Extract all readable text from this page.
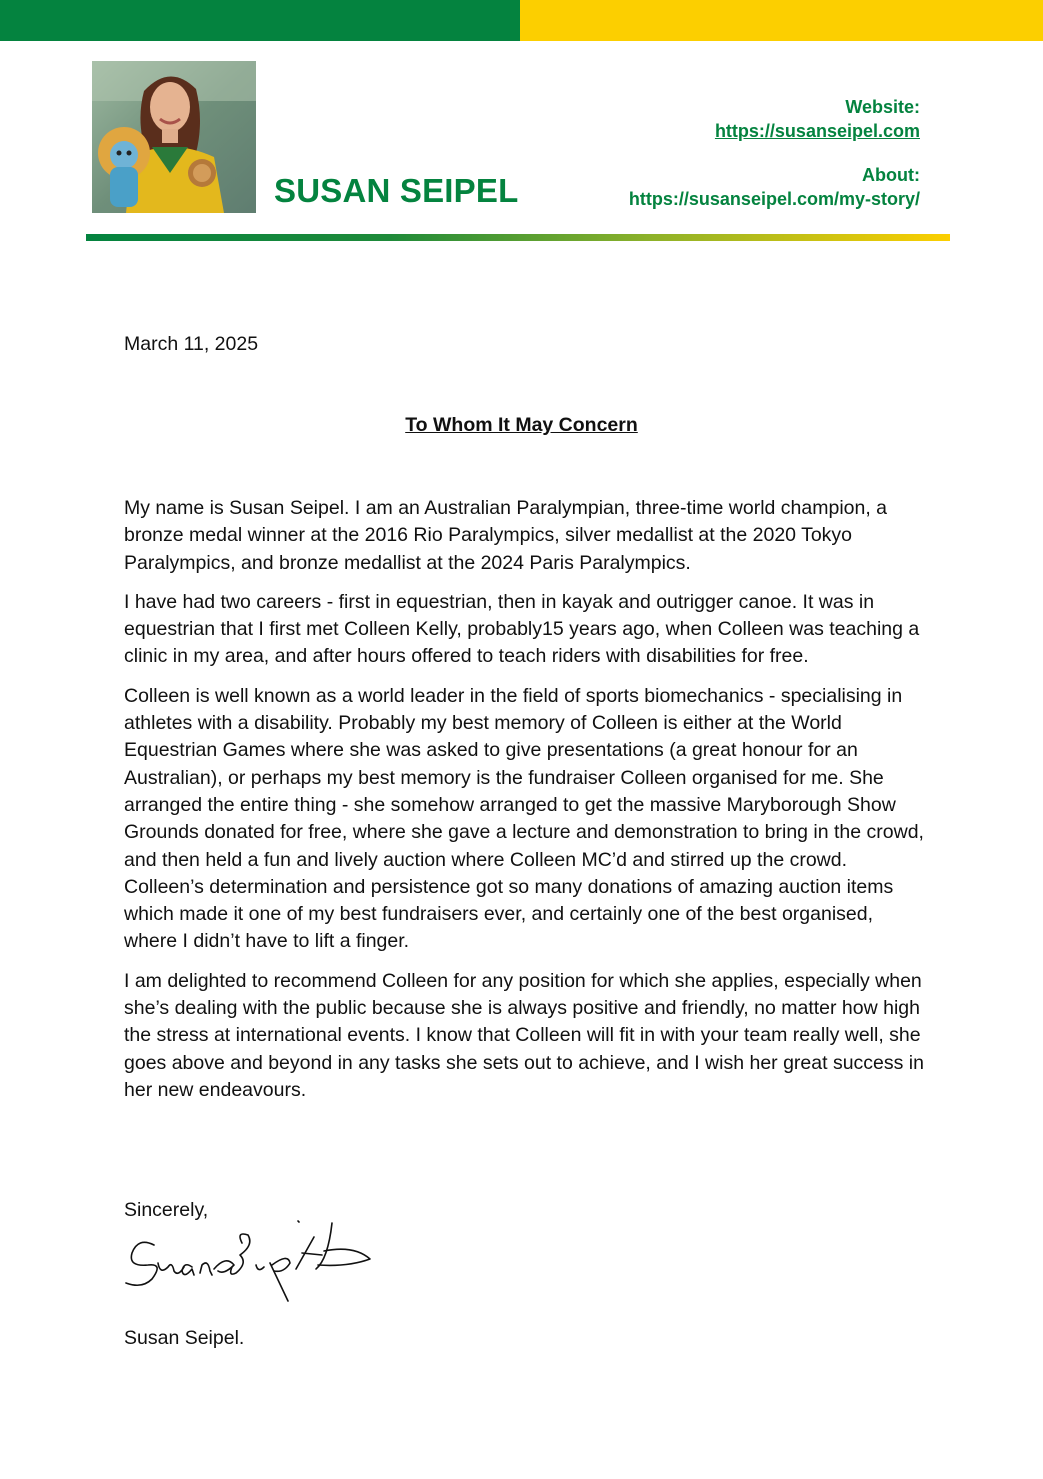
SUSAN SEIPEL
Website:
https://susanseipel.com
About:
https://susanseipel.com/my-story/
March 11, 2025
To Whom It May Concern

My name is Susan Seipel. I am an Australian Paralympian, three-time world champion, a bronze medal winner at the 2016 Rio Paralympics, silver medallist at the 2020 Tokyo Paralympics, and bronze medallist at the 2024 Paris Paralympics.

I have had two careers - first in equestrian, then in kayak and outrigger canoe. It was in equestrian that I first met Colleen Kelly, probably15 years ago, when Colleen was teaching a clinic in my area, and after hours offered to teach riders with disabilities for free.

Colleen is well known as a world leader in the field of sports biomechanics - specialising in athletes with a disability. Probably my best memory of Colleen is either at the World Equestrian Games where she was asked to give presentations (a great honour for an Australian), or perhaps my best memory is the fundraiser Colleen organised for me. She arranged the entire thing - she somehow arranged to get the massive Maryborough Show Grounds donated for free, where she gave a lecture and demonstration to bring in the crowd, and then held a fun and lively auction where Colleen MC’d and stirred up the crowd. Colleen’s determination and persistence got so many donations of amazing auction items which made it one of my best fundraisers ever, and certainly one of the best organised, where I didn’t have to lift a finger.

I am delighted to recommend Colleen for any position for which she applies, especially when she’s dealing with the public because she is always positive and friendly, no matter how high the stress at international events. I know that Colleen will fit in with your team really well, she goes above and beyond in any tasks she sets out to achieve, and I wish her great success in her new endeavours.

Sincerely,
Susan Seipel.
